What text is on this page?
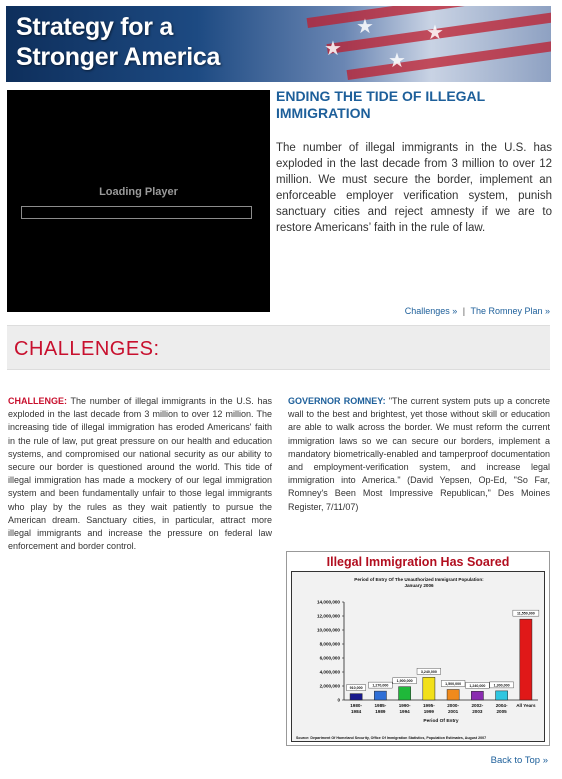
★
★
★
★
Strategy for a
Stronger America
Loading Player
ENDING THE TIDE OF ILLEGAL IMMIGRATION

The number of illegal immigrants in the U.S. has exploded in the last decade from 3 million to over 12 million. We must secure the border, implement an enforceable employer verification system, punish sanctuary cities and reject amnesty if we are to restore Americans’ faith in the rule of law.

Challenges » | The Romney Plan »
CHALLENGES:
CHALLENGE: The number of illegal immigrants in the U.S. has exploded in the last decade from 3 million to over 12 million. The increasing tide of illegal immigration has eroded Americans' faith in the rule of law, put great pressure on our health and education systems, and compromised our national security as our ability to secure our border is questioned around the world. This tide of illegal immigration has made a mockery of our legal immigration system and been fundamentally unfair to those legal immigrants who play by the rules as they wait patiently to pursue the American dream. Sanctuary cities, in particular, attract more illegal immigrants and increase the pressure on federal law enforcement and border control.
GOVERNOR ROMNEY: "The current system puts up a concrete wall to the best and brightest, yet those without skill or education are able to walk across the border. We must reform the current immigration laws so we can secure our borders, implement a mandatory biometrically-enabled and tamperproof documentation and employment-verification system, and increase legal immigration into America." (David Yepsen, Op-Ed, "So Far, Romney's Been Most Impressive Republican," Des Moines Register, 7/11/07)
Illegal Immigration Has Soared
Period of Entry Of The Unauthorized Immigrant Population:
January 2006
0
2,000,000
4,000,000
6,000,000
8,000,000
10,000,000
12,000,000
14,000,000
910,000
1980-
1984
1,270,000
1985-
1989
1,900,000
1990-
1994
3,240,000
1995-
1999
1,500,000
2000-
2001
1,240,000
2002-
2003
1,300,000
2004-
2005
11,550,000
All Years
Period Of Entry
Source: Department Of Homeland Security, Office Of Immigration Statistics, Population Estimates, August 2007
Back to Top »
